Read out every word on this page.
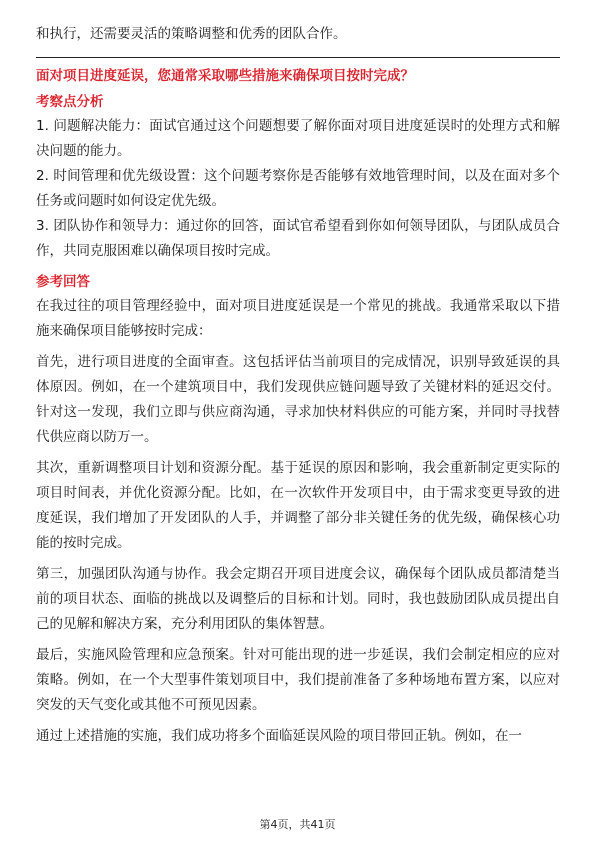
和执行，还需要灵活的策略调整和优秀的团队合作。

面对项目进度延误，您通常采取哪些措施来确保项目按时完成？
考察点分析

1. 问题解决能力：面试官通过这个问题想要了解你面对项目进度延误时的处理方式和解决问题的能力。

2. 时间管理和优先级设置：这个问题考察你是否能够有效地管理时间，以及在面对多个任务或问题时如何设定优先级。

3. 团队协作和领导力：通过你的回答，面试官希望看到你如何领导团队，与团队成员合作，共同克服困难以确保项目按时完成。

参考回答

在我过往的项目管理经验中，面对项目进度延误是一个常见的挑战。我通常采取以下措施来确保项目能够按时完成：

首先，进行项目进度的全面审查。这包括评估当前项目的完成情况，识别导致延误的具体原因。例如，在一个建筑项目中，我们发现供应链问题导致了关键材料的延迟交付。针对这一发现，我们立即与供应商沟通，寻求加快材料供应的可能方案，并同时寻找替代供应商以防万一。

其次，重新调整项目计划和资源分配。基于延误的原因和影响，我会重新制定更实际的项目时间表，并优化资源分配。比如，在一次软件开发项目中，由于需求变更导致的进度延误，我们增加了开发团队的人手，并调整了部分非关键任务的优先级，确保核心功能的按时完成。

第三，加强团队沟通与协作。我会定期召开项目进度会议，确保每个团队成员都清楚当前的项目状态、面临的挑战以及调整后的目标和计划。同时，我也鼓励团队成员提出自己的见解和解决方案，充分利用团队的集体智慧。

最后，实施风险管理和应急预案。针对可能出现的进一步延误，我们会制定相应的应对策略。例如，在一个大型事件策划项目中，我们提前准备了多种场地布置方案，以应对突发的天气变化或其他不可预见因素。

通过上述措施的实施，我们成功将多个面临延误风险的项目带回正轨。例如，在一

第4页，共41页
